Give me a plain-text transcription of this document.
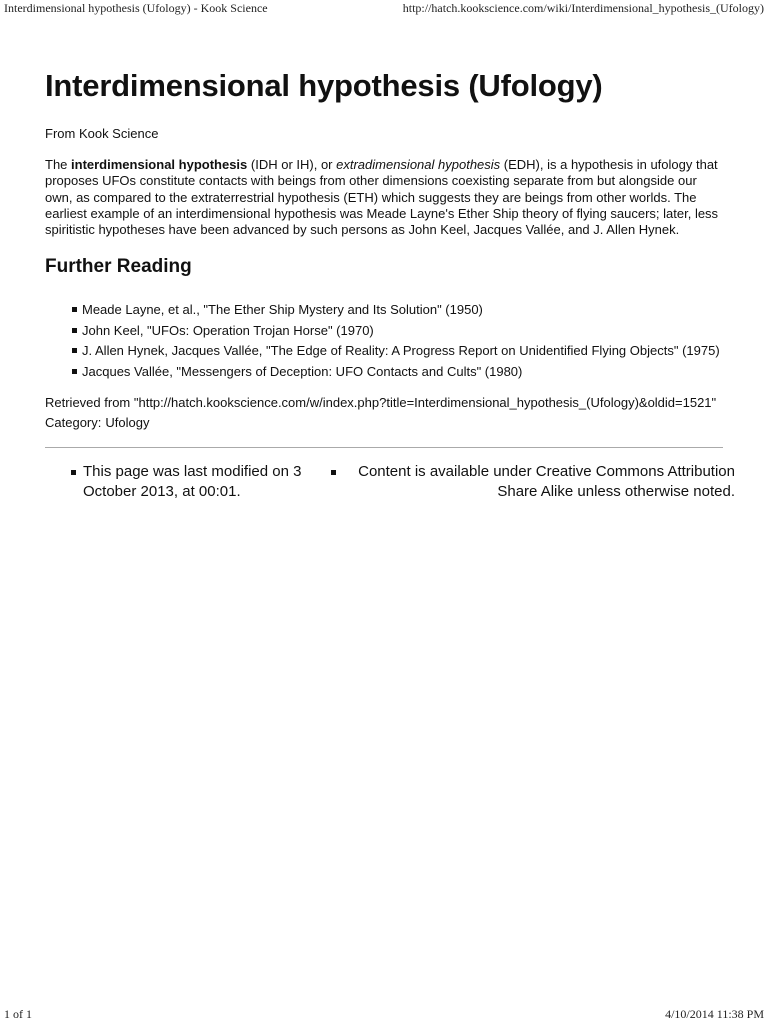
Interdimensional hypothesis (Ufology) - Kook Science	http://hatch.kookscience.com/wiki/Interdimensional_hypothesis_(Ufology)
Interdimensional hypothesis (Ufology)
From Kook Science

The interdimensional hypothesis (IDH or IH), or extradimensional hypothesis (EDH), is a hypothesis in ufology that proposes UFOs constitute contacts with beings from other dimensions coexisting separate from but alongside our own, as compared to the extraterrestrial hypothesis (ETH) which suggests they are beings from other worlds. The earliest example of an interdimensional hypothesis was Meade Layne's Ether Ship theory of flying saucers; later, less spiritistic hypotheses have been advanced by such persons as John Keel, Jacques Vallée, and J. Allen Hynek.

Further Reading
Meade Layne, et al., "The Ether Ship Mystery and Its Solution" (1950)
John Keel, "UFOs: Operation Trojan Horse" (1970)
J. Allen Hynek, Jacques Vallée, "The Edge of Reality: A Progress Report on Unidentified Flying Objects" (1975)
Jacques Vallée, "Messengers of Deception: UFO Contacts and Cults" (1980)
Retrieved from "http://hatch.kookscience.com/w/index.php?title=Interdimensional_hypothesis_(Ufology)&oldid=1521"
Category: Ufology
This page was last modified on 3 October 2013, at 00:01.
Content is available under Creative Commons Attribution Share Alike unless otherwise noted.
1 of 1	4/10/2014 11:38 PM
